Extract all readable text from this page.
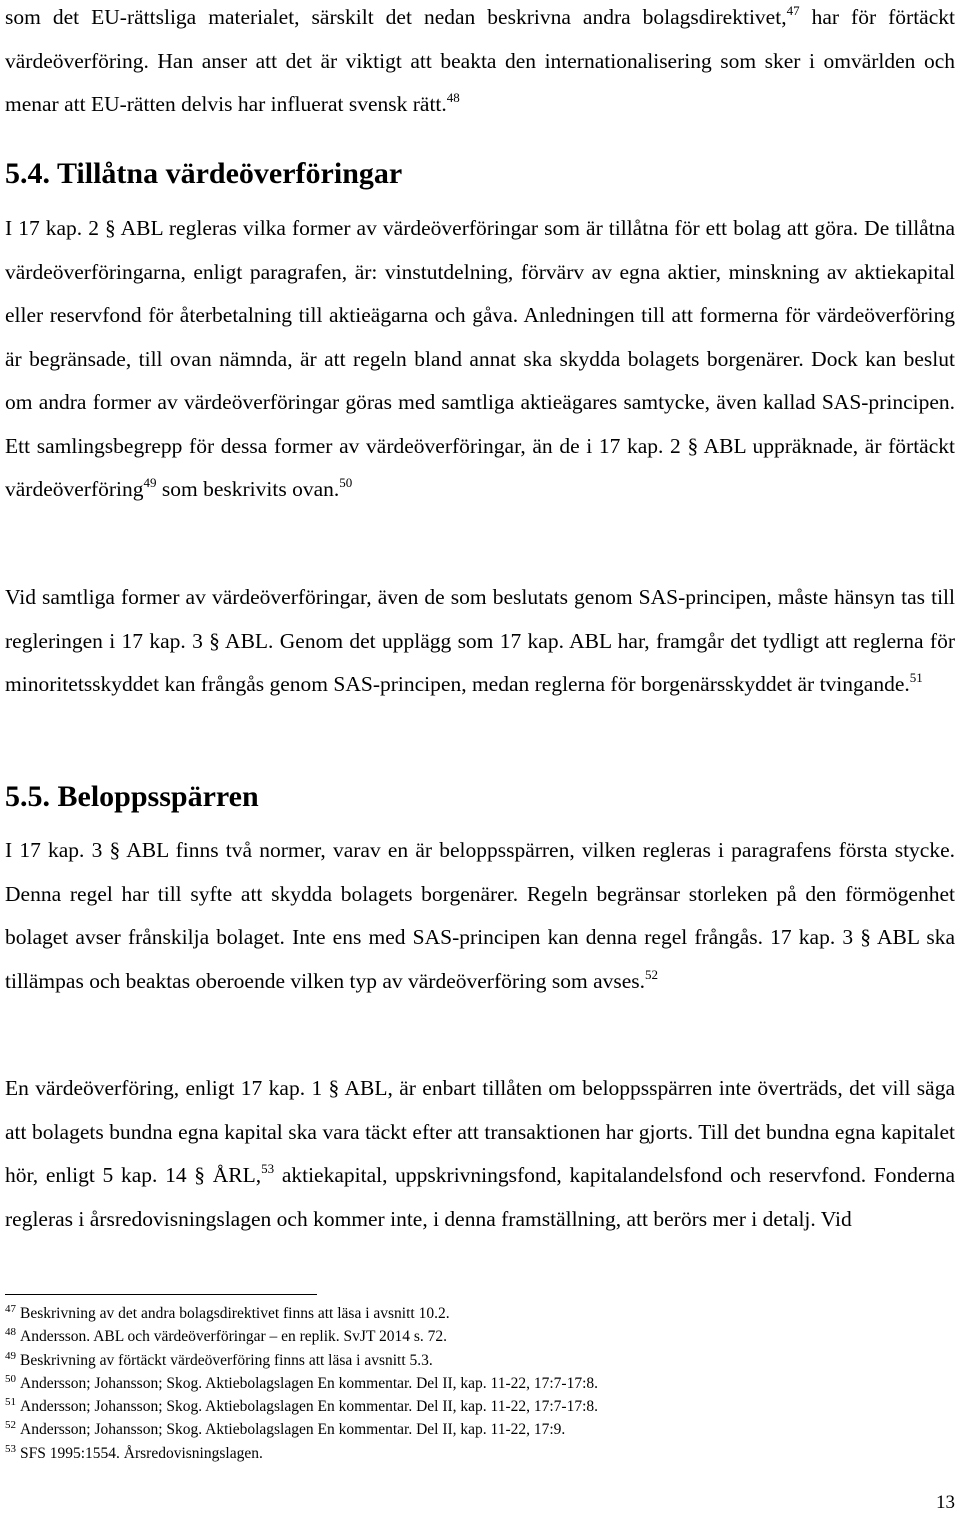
som det EU-rättsliga materialet, särskilt det nedan beskrivna andra bolagsdirektivet,$^{47}$ har för förtäckt värdeöverföring. Han anser att det är viktigt att beakta den internationalisering som sker i omvärlden och menar att EU-rätten delvis har influerat svensk rätt.$^{48}$

5.4. Tillåtna värdeöverföringar

I 17 kap. 2 § ABL regleras vilka former av värdeöverföringar som är tillåtna för ett bolag att göra. De tillåtna värdeöverföringarna, enligt paragrafen, är: vinstutdelning, förvärv av egna aktier, minskning av aktiekapital eller reservfond för återbetalning till aktieägarna och gåva. Anledningen till att formerna för värdeöverföring är begränsade, till ovan nämnda, är att regeln bland annat ska skydda bolagets borgenärer. Dock kan beslut om andra former av värdeöverföringar göras med samtliga aktieägares samtycke, även kallad SAS-principen. Ett samlingsbegrepp för dessa former av värdeöverföringar, än de i 17 kap. 2 § ABL uppräknade, är förtäckt värdeöverföring$^{49}$ som beskrivits ovan.$^{50}$

Vid samtliga former av värdeöverföringar, även de som beslutats genom SAS-principen, måste hänsyn tas till regleringen i 17 kap. 3 § ABL. Genom det upplägg som 17 kap. ABL har, framgår det tydligt att reglerna för minoritetsskyddet kan frångås genom SAS-principen, medan reglerna för borgenärsskyddet är tvingande.$^{51}$

5.5. Beloppsspärren

I 17 kap. 3 § ABL finns två normer, varav en är beloppsspärren, vilken regleras i paragrafens första stycke. Denna regel har till syfte att skydda bolagets borgenärer. Regeln begränsar storleken på den förmögenhet bolaget avser frånskilja bolaget. Inte ens med SAS-principen kan denna regel frångås. 17 kap. 3 § ABL ska tillämpas och beaktas oberoende vilken typ av värdeöverföring som avses.$^{52}$

En värdeöverföring, enligt 17 kap. 1 § ABL, är enbart tillåten om beloppsspärren inte överträds, det vill säga att bolagets bundna egna kapital ska vara täckt efter att transaktionen har gjorts. Till det bundna egna kapitalet hör, enligt 5 kap. 14 § ÅRL,$^{53}$ aktiekapital, uppskrivningsfond, kapitalandelsfond och reservfond. Fonderna regleras i årsredovisningslagen och kommer inte, i denna framställning, att berörs mer i detalj. Vid

$^{47}$ Beskrivning av det andra bolagsdirektivet finns att läsa i avsnitt 10.2.
$^{48}$ Andersson. ABL och värdeöverföringar – en replik. SvJT 2014 s. 72.
$^{49}$ Beskrivning av förtäckt värdeöverföring finns att läsa i avsnitt 5.3.
$^{50}$ Andersson; Johansson; Skog. Aktiebolagslagen En kommentar. Del II, kap. 11-22, 17:7-17:8.
$^{51}$ Andersson; Johansson; Skog. Aktiebolagslagen En kommentar. Del II, kap. 11-22, 17:7-17:8.
$^{52}$ Andersson; Johansson; Skog. Aktiebolagslagen En kommentar. Del II, kap. 11-22, 17:9.
$^{53}$ SFS 1995:1554. Årsredovisningslagen.
13
